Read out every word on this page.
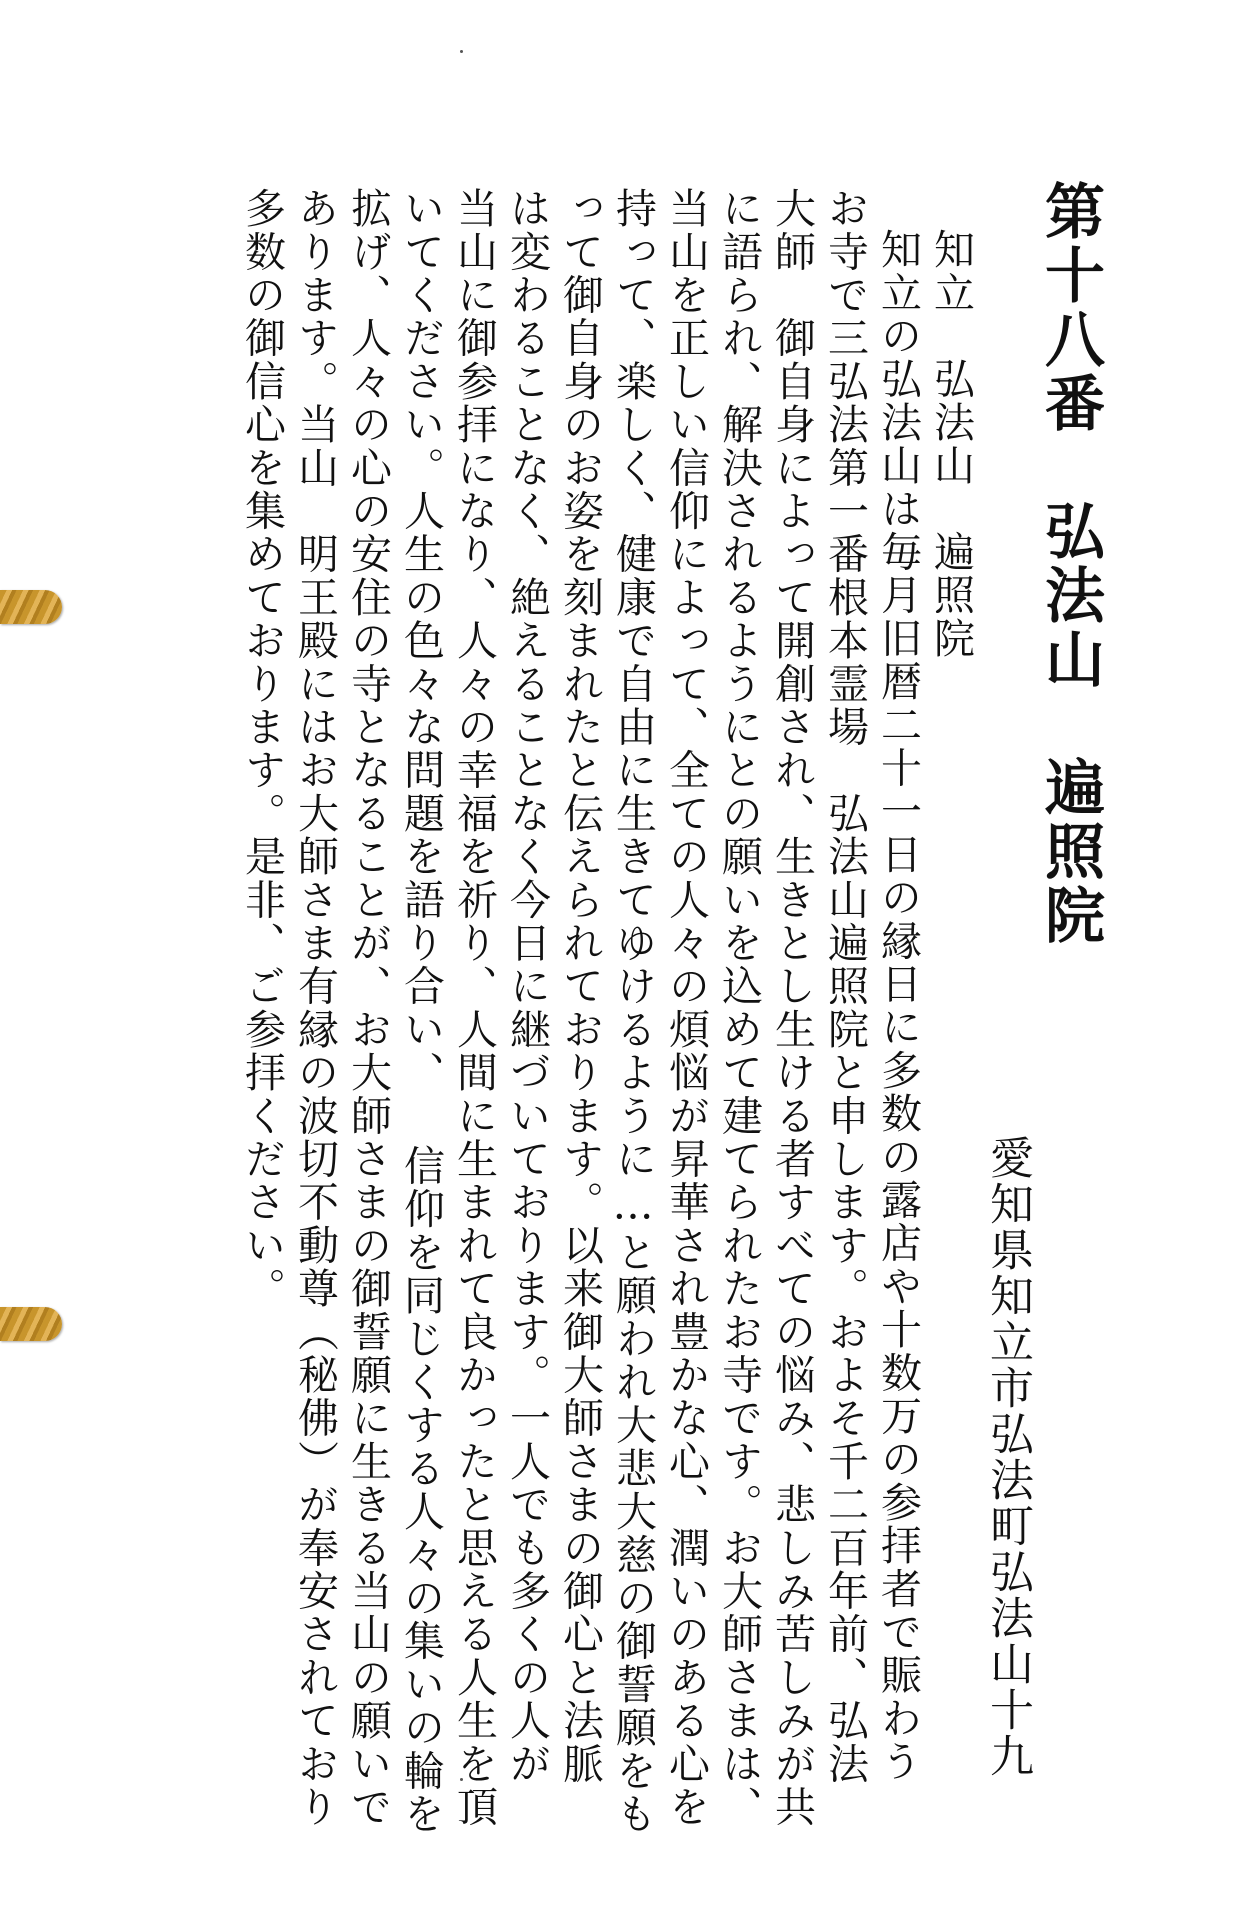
第十八番　弘法山　遍照院
愛知県知立市弘法町弘法山十九
知立　弘法山　遍照院
知立の弘法山は毎月旧暦二十一日の縁日に多数の露店や十数万の参拝者で賑わう
お寺で三弘法第一番根本霊場　弘法山遍照院と申します。およそ千二百年前、弘法
大師　御自身によって開創され、生きとし生ける者すべての悩み、悲しみ苦しみが共
に語られ、解決されるようにとの願いを込めて建てられたお寺です。お大師さまは、
当山を正しい信仰によって、全ての人々の煩悩が昇華され豊かな心、潤いのある心を
持って、楽しく、健康で自由に生きてゆけるように…と願われ大悲大慈の御誓願をも
って御自身のお姿を刻まれたと伝えられております。以来御大師さまの御心と法脈
は変わることなく、絶えることなく今日に継づいております。一人でも多くの人が
当山に御参拝になり、人々の幸福を祈り、人間に生まれて良かったと思える人生を頂
いてください。人生の色々な問題を語り合い、 信仰を同じくする人々の集いの輪を
拡げ、人々の心の安住の寺となることが、お大師さまの御誓願に生きる当山の願いで
あります。当山　明王殿にはお大師さま有縁の波切不動尊（秘佛）が奉安されており
多数の御信心を集めております。是非、ご参拝ください。
